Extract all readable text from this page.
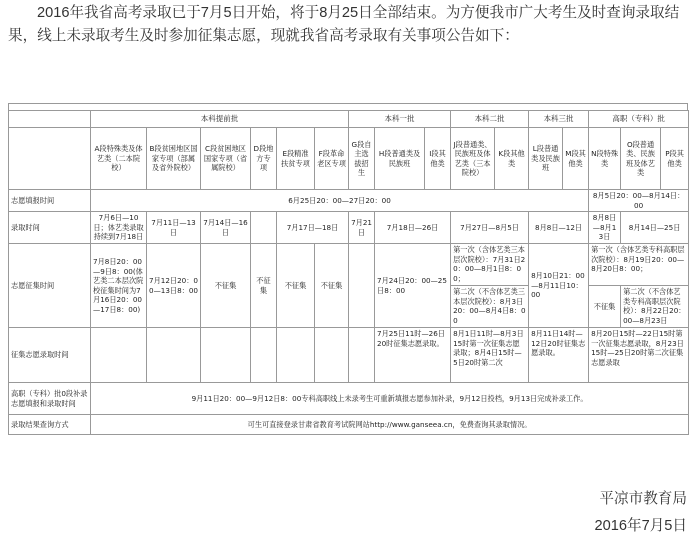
2016年我省高考录取已于7月5日开始，将于8月25日全部结束。为方便我市广大考生及时查询录取结果，线上未录取考生及时参加征集志愿，现就我省高考录取有关事项公告如下：
	本科提前批						本科一批			本科二批		本科三批		高职（专科）批		
	A段特殊类及体艺类（二本院校）	B段贫困地区国家专项（部属及省外院校）	C段贫困地区国家专项（省属院校）	D段地方专项	E段精准扶贫专项	F段革命老区专项	G段自主选拔招生	H段普通类及民族班	I段其他类	J段普通类、民族班及体艺类（三本院校）	K段其他类	L段普通类及民族班	M段其他类	N段特殊类	O段普通类、民族班及体艺类	P段其他类
志愿填报时间	6月25日20：00—27日20：00													8月5日20：00—8月14日：00		
录取时间	7月6日—10日；体艺类录取持续到7月18日	7月11日—13日	7月14日—16日		7月17日—18日		7月21日	7月18日—26日		7月27日—8月5日		8月8日—12日		8月8日—8月13日	8月14日—25日	
志愿征集时间	7月8日20：00—9日8：00(体艺类二本层次院校征集时间为7月16日20：00—17日8：00)	7月12日20：00—13日8：00	不征集	不征集	不征集	不征集		7月24日20：00—25日8：00		第一次（含体艺类三本层次院校）：7月31日20：00—8月1日8：00；		8月10日21：00—8月11日10：00		第一次（含体艺类专科高职层次院校）：8月19日20：00—8月20日8：00；		
										第二次（不含体艺类三本层次院校）：8月3日20：00—8月4日8：00				不征集	第二次（不含体艺类专科高职层次院校）：8月22日20：00—8月23日	
征集志愿录取时间								7月25日11时—26日20时征集志愿录取。		8月1日11时—8月3日15时第一次征集志愿录取；8月4日15时—5日20时第二次		8月11日14时—12日20时征集志愿录取。		8月20日15时—22日15时第一次征集志愿录取，8月23日15时—25日20时第二次征集志愿录取		
高职（专科）批0段补录志愿填报和录取时间	9月11日20：00—9月12日8：00专科高职线上未录考生可重新填报志愿参加补录，9月12日投档，9月13日完成补录工作。															
录取结果查询方式	可生可直接登录甘肃省教育考试院网站http://www.ganseea.cn，免费查询其录取情况。															
平凉市教育局
2016年7月5日
